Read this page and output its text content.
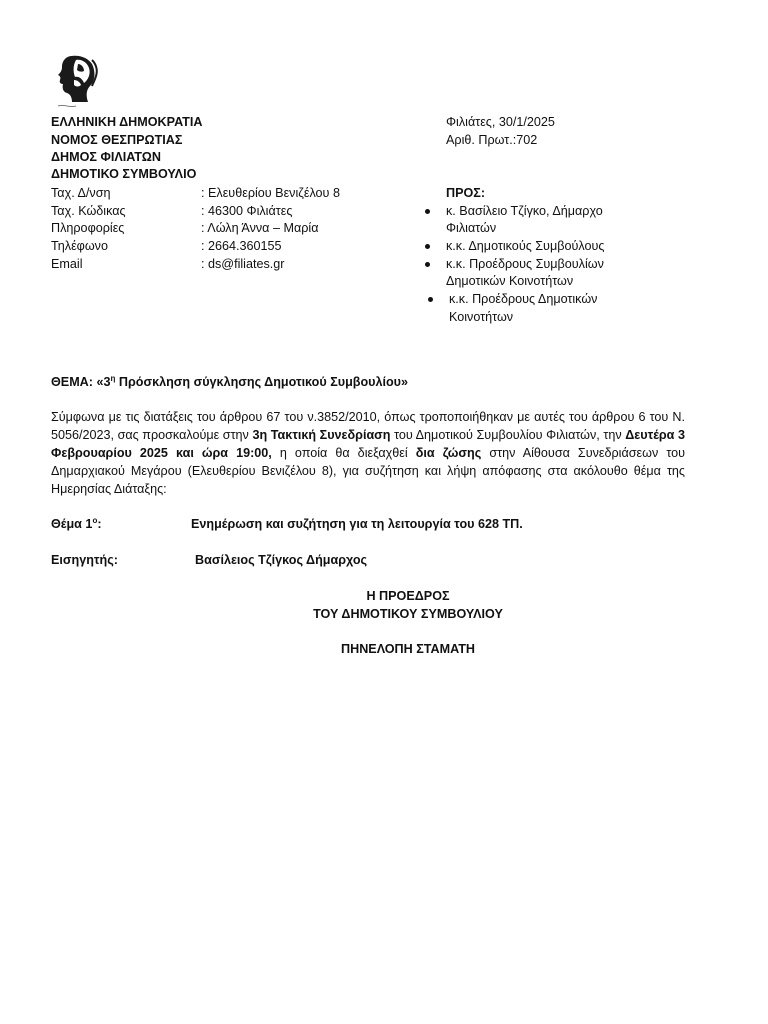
ΕΛΛΗΝΙΚΗ ΔΗΜΟΚΡΑΤΙΑ
ΝΟΜΟΣ ΘΕΣΠΡΩΤΙΑΣ
ΔΗΜΟΣ ΦΙΛΙΑΤΩΝ
ΔΗΜΟΤΙΚΟ ΣΥΜΒΟΥΛΙΟ
Φιλιάτες, 30/1/2025
Αριθ. Πρωτ.:702
Ταχ. Δ/νση	: Ελευθερίου Βενιζέλου 8
Ταχ. Κώδικας	: 46300 Φιλιάτες
Πληροφορίες	: Λώλη Άννα – Μαρία
Τηλέφωνο	: 2664.360155
Email	: ds@filiates.gr
ΠΡΟΣ:
κ. Βασίλειο Τζίγκο, Δήμαρχο
Φιλιατών
κ.κ. Δημοτικούς Συμβούλους
κ.κ. Προέδρους Συμβουλίων
Δημοτικών Κοινοτήτων
κ.κ. Προέδρους Δημοτικών
Κοινοτήτων
ΘΕΜΑ: «$3^\eta$ Πρόσκληση σύγκλησης Δημοτικού Συμβουλίου»
Σύμφωνα με τις διατάξεις του άρθρου 67 του ν.3852/2010, όπως τροποποιήθηκαν με αυτές του άρθρου 6 του Ν. 5056/2023, σας προσκαλούμε στην 3η Τακτική Συνεδρίαση του Δημοτικού Συμβουλίου Φιλιατών, την Δευτέρα 3 Φεβρουαρίου 2025 και ώρα 19:00, η οποία θα διεξαχθεί δια ζώσης στην Αίθουσα Συνεδριάσεων του Δημαρχιακού Μεγάρου (Ελευθερίου Βενιζέλου 8), για συζήτηση και λήψη απόφασης στα ακόλουθο θέμα της Ημερησίας Διάταξης:
Θέμα $1^o$:	Ενημέρωση και συζήτηση για τη λειτουργία του 628 ΤΠ.
Εισηγητής:	Βασίλειος Τζίγκος Δήμαρχος
Η ΠΡΟΕΔΡΟΣ
ΤΟΥ ΔΗΜΟΤΙΚΟΥ ΣΥΜΒΟΥΛΙΟΥ
ΠΗΝΕΛΟΠΗ ΣΤΑΜΑΤΗ
